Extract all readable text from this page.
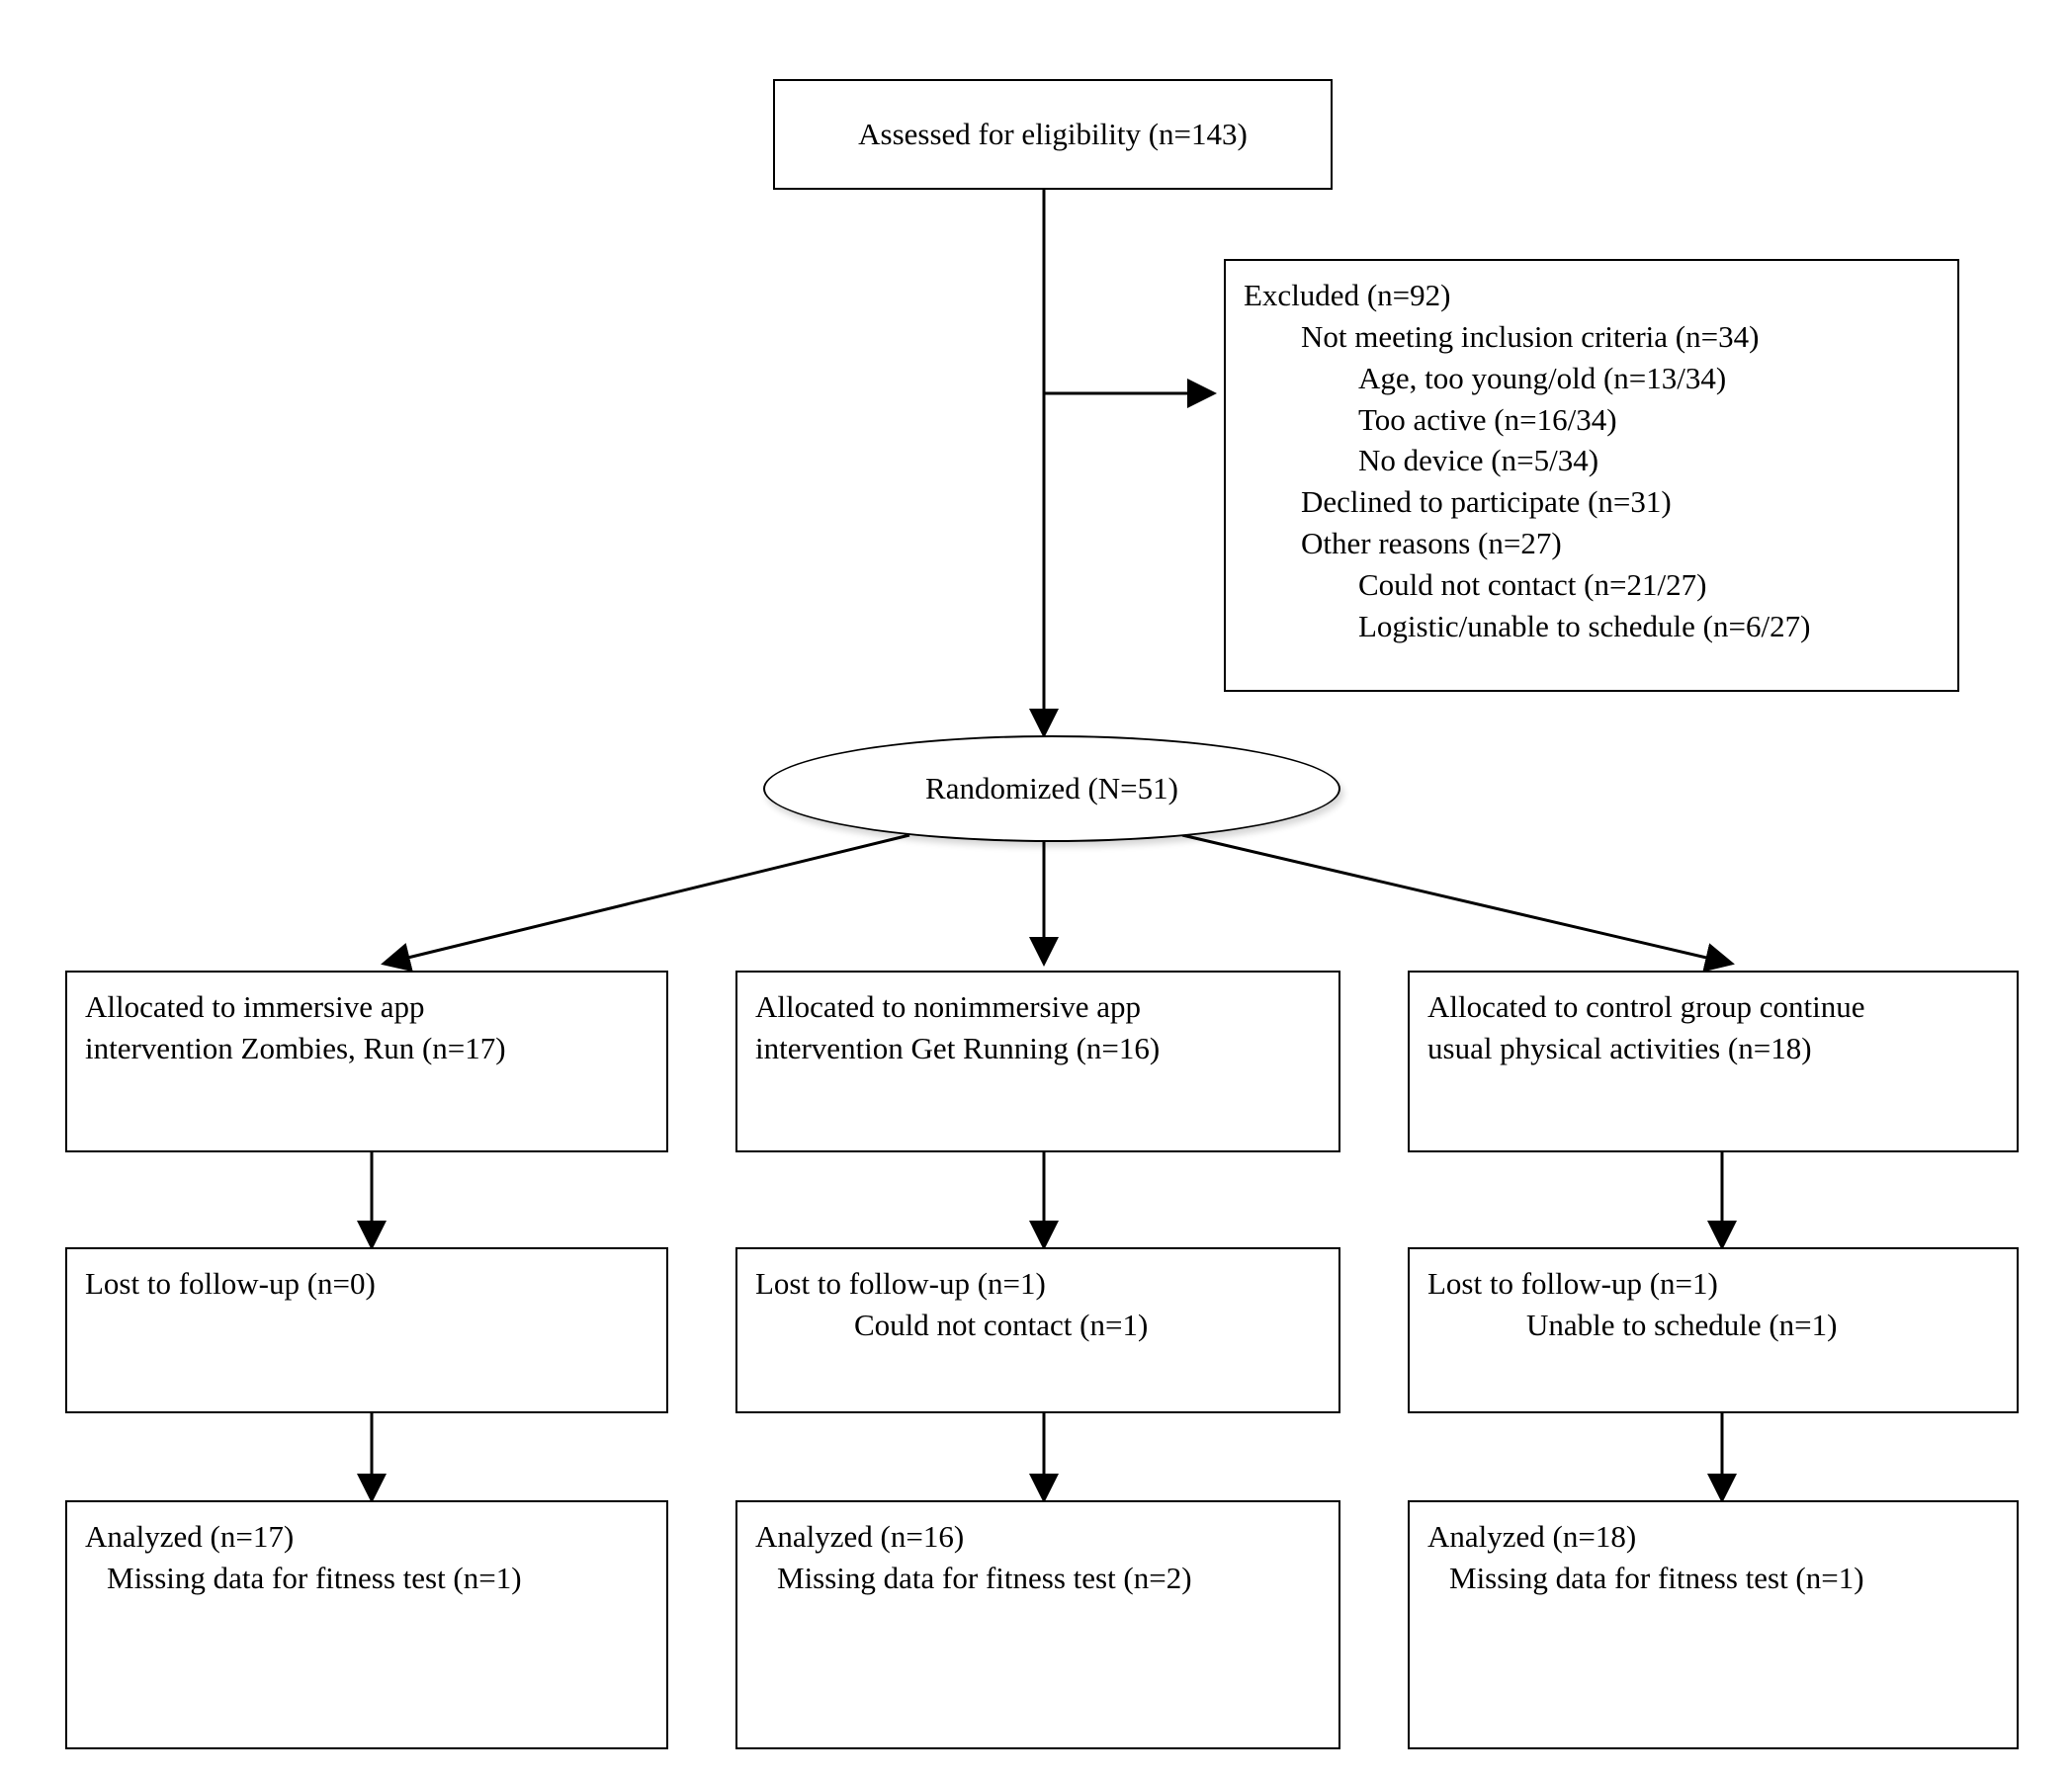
Assessed for eligibility (n=143)
Excluded (n=92)
Not meeting inclusion criteria (n=34)
Age, too young/old (n=13/34)
Too active (n=16/34)
No device (n=5/34)
Declined to participate (n=31)
Other reasons (n=27)
Could not contact (n=21/27)
Logistic/unable to schedule (n=6/27)
Randomized (N=51)
Allocated to immersive app
intervention Zombies, Run (n=17)
Allocated to nonimmersive app
intervention Get Running (n=16)
Allocated to control group continue
usual physical activities (n=18)
Lost to follow-up (n=0)	Lost to follow-up (n=1)
Could not contact (n=1)
Lost to follow-up (n=1)
Unable to schedule (n=1)
Analyzed (n=17)
Missing data for fitness test (n=1)
Analyzed (n=16)
Missing data for fitness test (n=2)
Analyzed (n=18)
Missing data for fitness test (n=1)
